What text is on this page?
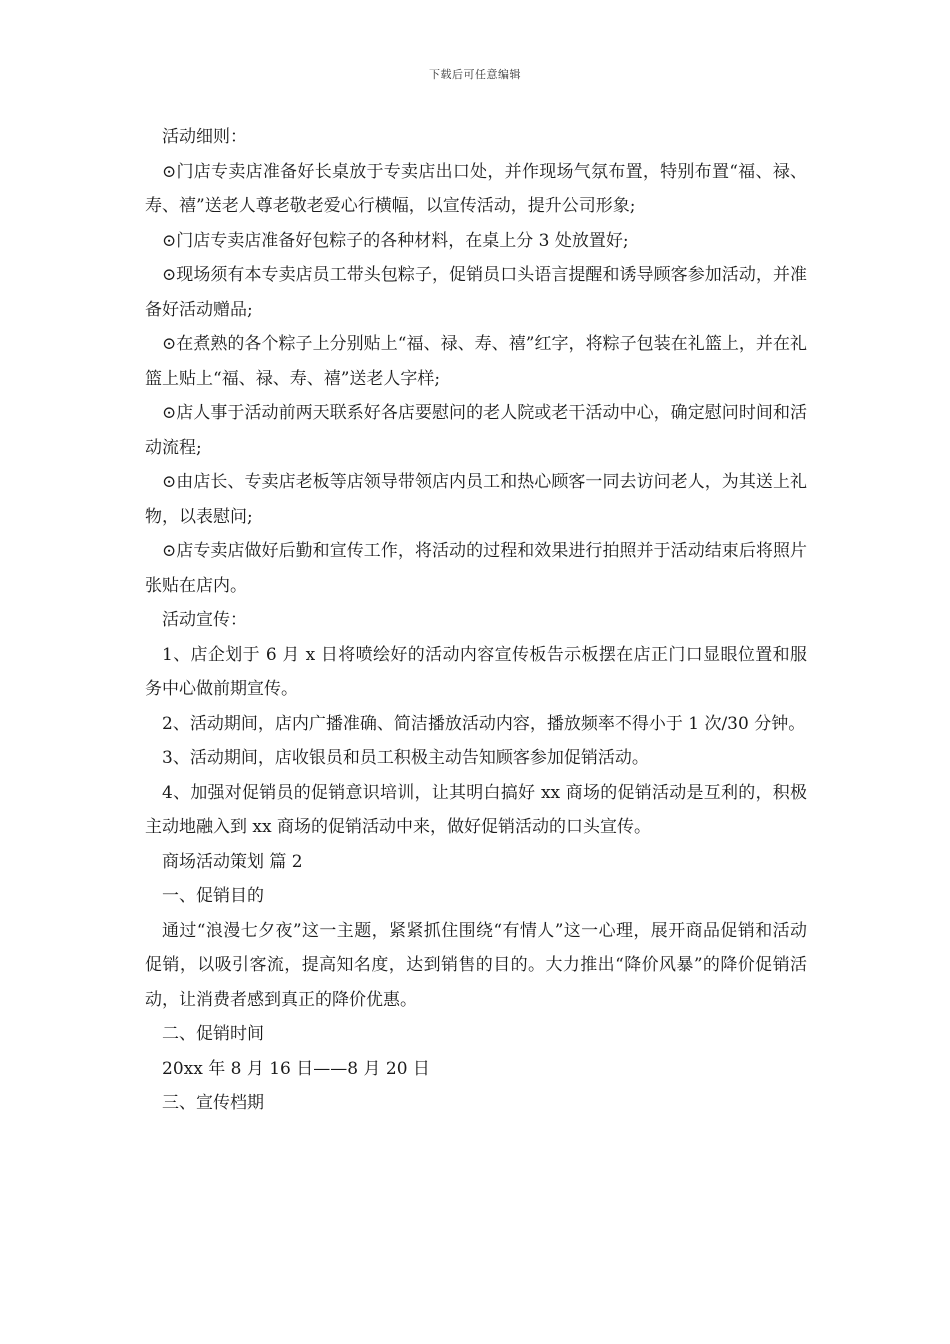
下载后可任意编辑

活动细则：

⊙门店专卖店准备好长桌放于专卖店出口处，并作现场气氛布置，特别布置“福、禄、寿、禧”送老人尊老敬老爱心行横幅，以宣传活动，提升公司形象;

⊙门店专卖店准备好包粽子的各种材料，在桌上分 3 处放置好;

⊙现场须有本专卖店员工带头包粽子，促销员口头语言提醒和诱导顾客参加活动，并准备好活动赠品;

⊙在煮熟的各个粽子上分别贴上“福、禄、寿、禧”红字，将粽子包装在礼篮上，并在礼篮上贴上“福、禄、寿、禧”送老人字样;

⊙店人事于活动前两天联系好各店要慰问的老人院或老干活动中心，确定慰问时间和活动流程;

⊙由店长、专卖店老板等店领导带领店内员工和热心顾客一同去访问老人，为其送上礼物，以表慰问;

⊙店专卖店做好后勤和宣传工作，将活动的过程和效果进行拍照并于活动结束后将照片张贴在店内。

活动宣传：

1、店企划于 6 月 x 日将喷绘好的活动内容宣传板告示板摆在店正门口显眼位置和服务中心做前期宣传。

2、活动期间，店内广播准确、简洁播放活动内容，播放频率不得小于 1 次/30 分钟。

3、活动期间，店收银员和员工积极主动告知顾客参加促销活动。

4、加强对促销员的促销意识培训，让其明白搞好 xx 商场的促销活动是互利的，积极主动地融入到 xx 商场的促销活动中来，做好促销活动的口头宣传。

商场活动策划 篇 2

一、促销目的

通过“浪漫七夕夜”这一主题，紧紧抓住围绕“有情人”这一心理，展开商品促销和活动促销，以吸引客流，提高知名度，达到销售的目的。大力推出“降价风暴”的降价促销活动，让消费者感到真正的降价优惠。

二、促销时间

20xx 年 8 月 16 日——8 月 20 日

三、宣传档期
